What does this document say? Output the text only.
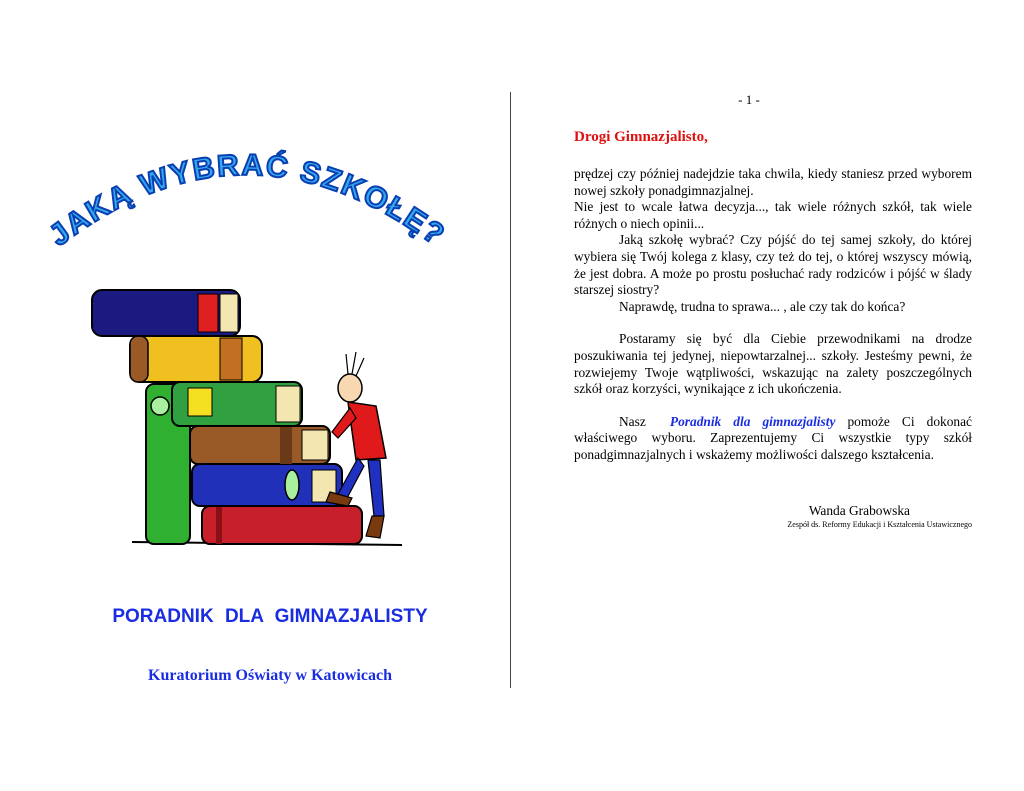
JAKĄ WYBRAĆ SZKOŁĘ?
PORADNIK DLA GIMNAZJALISTY
Kuratorium Oświaty w Katowicach
- 1 -
Drogi Gimnazjalisto,

prędzej czy później nadejdzie taka chwila, kiedy staniesz przed wyborem nowej szkoły ponadgimnazjalnej.

Nie jest to wcale łatwa decyzja..., tak wiele różnych szkół, tak wiele różnych o niech opinii...

Jaką szkołę wybrać? Czy pójść do tej samej szkoły, do której wybiera się Twój kolega z klasy, czy też do tej, o której wszyscy mówią, że jest dobra. A może po prostu posłuchać rady rodziców i pójść w ślady starszej siostry?

Naprawdę, trudna to sprawa... , ale czy tak do końca?

Postaramy się być dla Ciebie przewodnikami na drodze poszukiwania tej jedynej, niepowtarzalnej... szkoły. Jesteśmy pewni, że rozwiejemy Twoje wątpliwości, wskazując na zalety poszczególnych szkół oraz korzyści, wynikające z ich ukończenia.

Nasz  Poradnik dla gimnazjalisty pomoże Ci dokonać właściwego wyboru. Zaprezentujemy Ci wszystkie typy szkół ponadgimnazjalnych i wskażemy możliwości dalszego kształcenia.

Wanda Grabowska
Zespół ds. Reformy Edukacji i Kształcenia Ustawicznego
